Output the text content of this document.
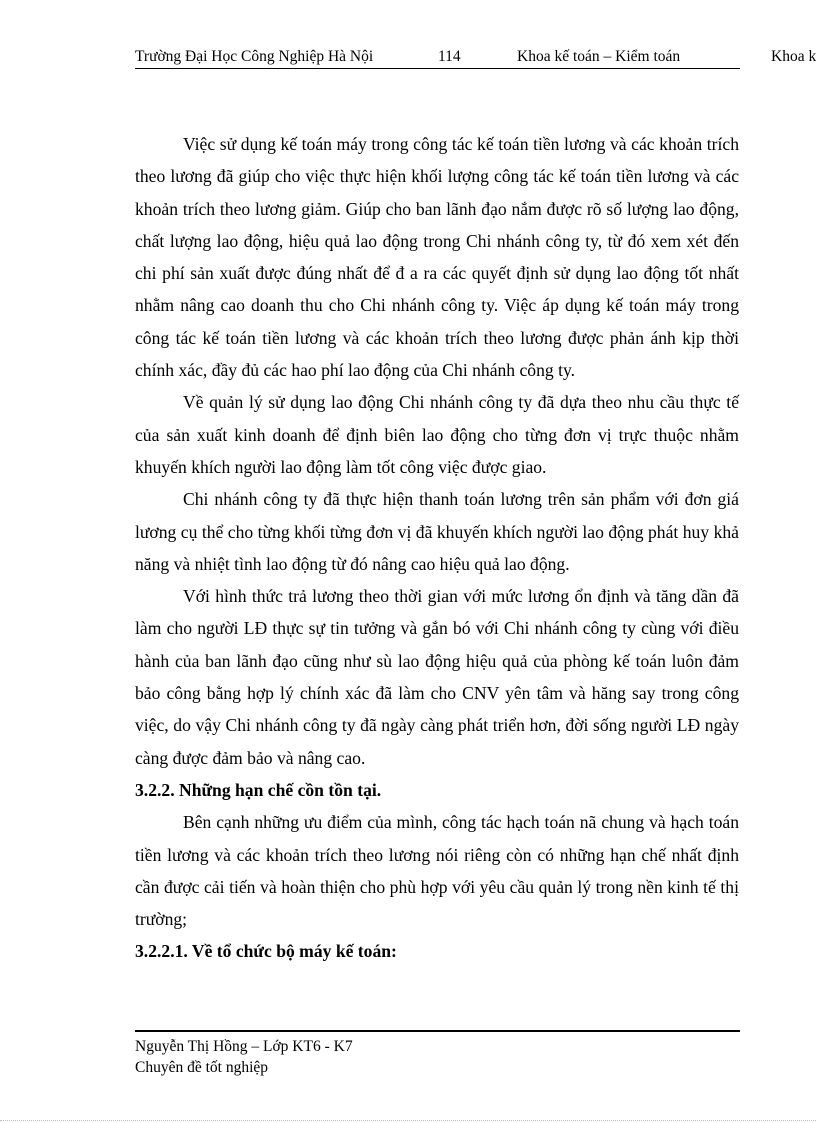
Trường Đại Học Công Nghiệp Hà Nội	114	Khoa kế toán – Kiểm toán	Khoa k

Việc sử dụng kế toán máy trong công tác kế toán tiền lương và các khoản trích theo lương đã giúp cho việc thực hiện khối lượng công tác kế toán tiền lương và các khoản trích theo lương giảm. Giúp cho ban lãnh đạo nắm được rõ số lượng lao động, chất lượng lao động, hiệu quả lao động trong Chi nhánh công ty, từ đó xem xét đến chi phí sản xuất được đúng nhất để đ a ra các quyết định sử dụng lao động tốt nhất nhằm nâng cao doanh thu cho Chi nhánh công ty. Việc áp dụng kế toán máy trong công tác kế toán tiền lương và các khoản trích theo lương được phản ánh kịp thời chính xác, đầy đủ các hao phí lao động của Chi nhánh công ty.

Về quản lý sử dụng lao động Chi nhánh công ty đã dựa theo nhu cầu thực tế của sản xuất kinh doanh để định biên lao động cho từng đơn vị trực thuộc nhằm khuyến khích người lao động làm tốt công việc được giao.

Chi nhánh công ty đã thực hiện thanh toán lương trên sản phẩm với đơn giá lương cụ thể cho từng khối từng đơn vị đã khuyến khích người lao động phát huy khả năng và nhiệt tình lao động từ đó nâng cao hiệu quả lao động.

Với hình thức trả lương theo thời gian với mức lương ổn định và tăng dần đã làm cho người LĐ thực sự tin tưởng và gắn bó với Chi nhánh công ty cùng với điều hành của ban lãnh đạo cũng như sù lao động hiệu quả của phòng kế toán luôn đảm bảo công bằng hợp lý chính xác đã làm cho CNV yên tâm và hăng say trong công việc, do vậy Chi nhánh công ty đã ngày càng phát triển hơn, đời sống người LĐ ngày càng được đảm bảo và nâng cao.

3.2.2. Những hạn chế cồn tồn tại.

Bên cạnh những ưu điểm của mình, công tác hạch toán nã chung và hạch toán tiền lương và các khoản trích theo lương nói riêng còn có những hạn chế nhất định cần được cải tiến và hoàn thiện cho phù hợp với yêu cầu quản lý trong nền kinh tế thị trường;

3.2.2.1. Về tổ chức bộ máy kế toán:
Nguyễn Thị Hồng – Lớp KT6 - K7
Chuyên đề tốt nghiệp
